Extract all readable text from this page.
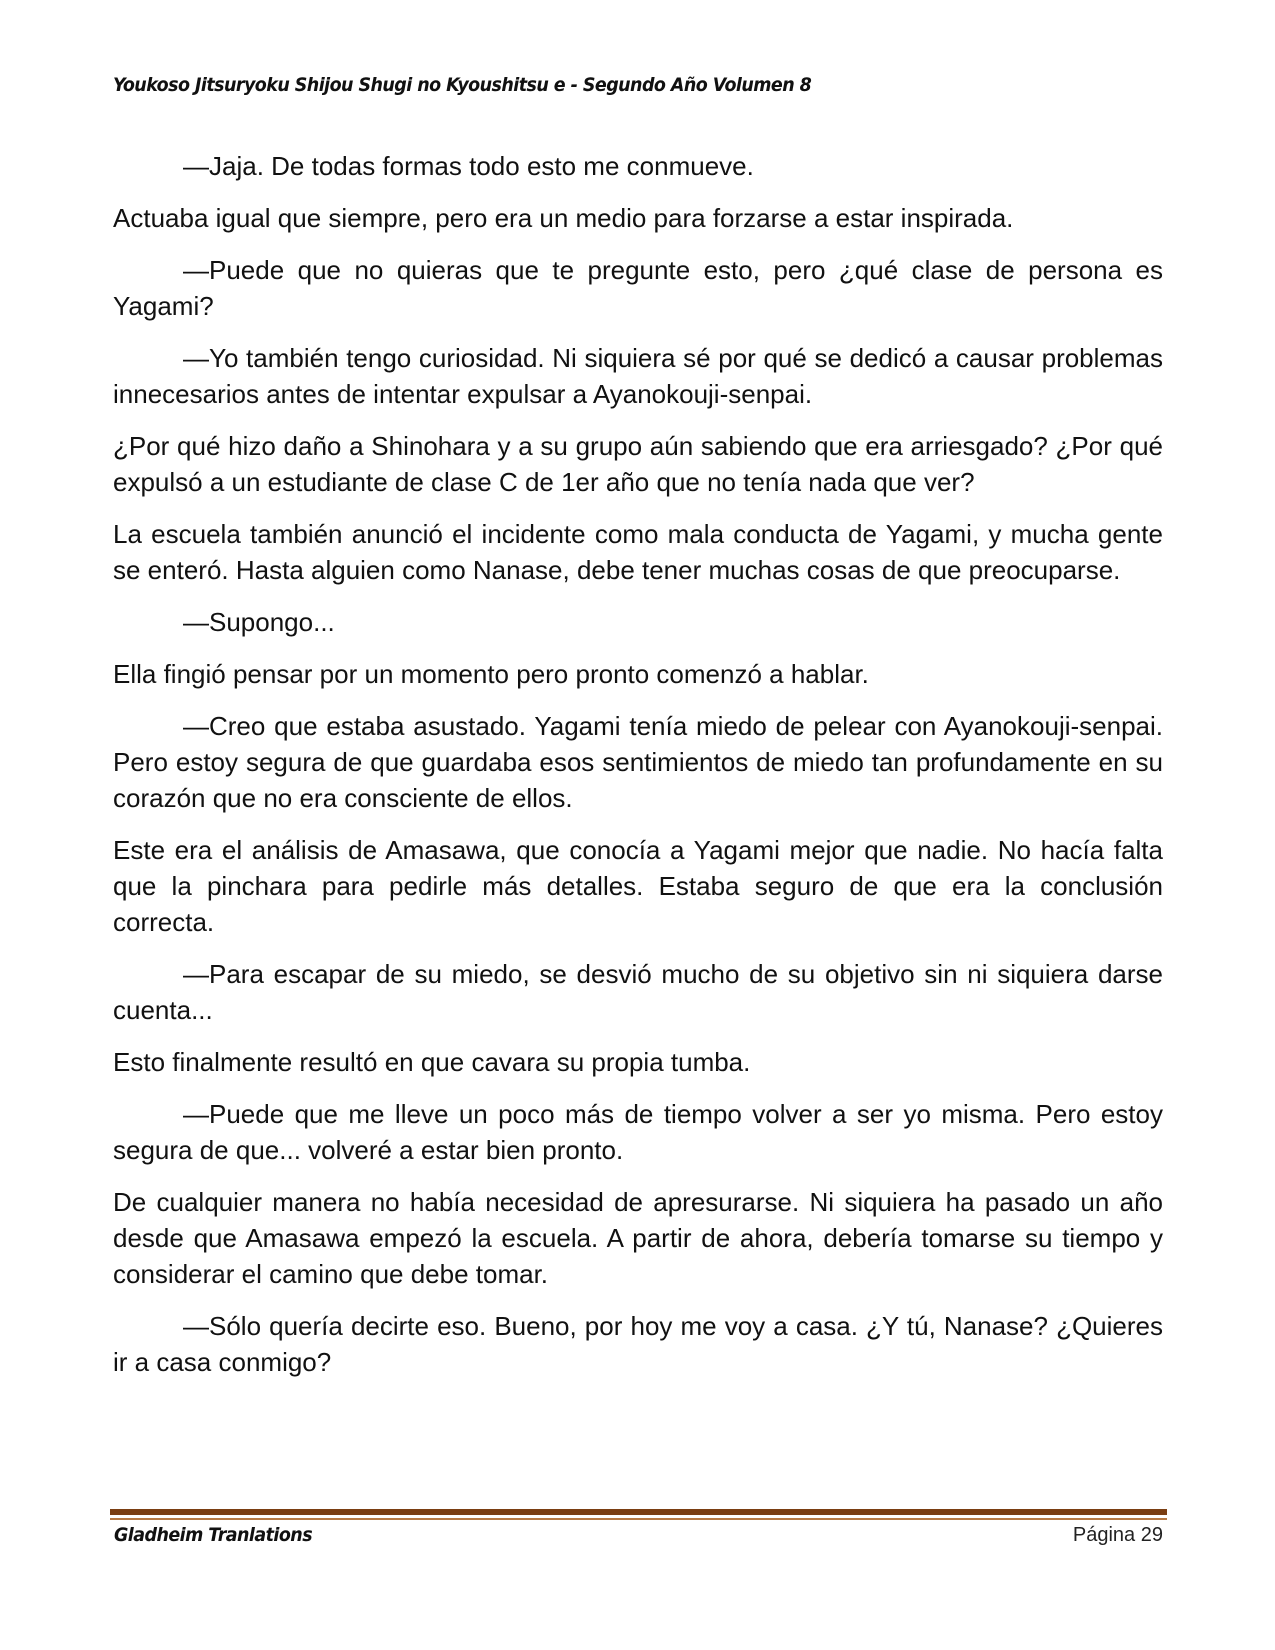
Youkoso Jitsuryoku Shijou Shugi no Kyoushitsu e - Segundo Año Volumen 8

—Jaja. De todas formas todo esto me conmueve.

Actuaba igual que siempre, pero era un medio para forzarse a estar inspirada.

—Puede que no quieras que te pregunte esto, pero ¿qué clase de persona es Yagami?

—Yo también tengo curiosidad. Ni siquiera sé por qué se dedicó a causar problemas innecesarios antes de intentar expulsar a Ayanokouji-senpai.

¿Por qué hizo daño a Shinohara y a su grupo aún sabiendo que era arriesgado? ¿Por qué expulsó a un estudiante de clase C de 1er año que no tenía nada que ver?

La escuela también anunció el incidente como mala conducta de Yagami, y mucha gente se enteró. Hasta alguien como Nanase, debe tener muchas cosas de que preocuparse.

—Supongo...

Ella fingió pensar por un momento pero pronto comenzó a hablar.

—Creo que estaba asustado. Yagami tenía miedo de pelear con Ayanokouji-senpai. Pero estoy segura de que guardaba esos sentimientos de miedo tan profundamente en su corazón que no era consciente de ellos.

Este era el análisis de Amasawa, que conocía a Yagami mejor que nadie. No hacía falta que la pinchara para pedirle más detalles. Estaba seguro de que era la conclusión correcta.

—Para escapar de su miedo, se desvió mucho de su objetivo sin ni siquiera darse cuenta...

Esto finalmente resultó en que cavara su propia tumba.

—Puede que me lleve un poco más de tiempo volver a ser yo misma. Pero estoy segura de que... volveré a estar bien pronto.

De cualquier manera no había necesidad de apresurarse. Ni siquiera ha pasado un año desde que Amasawa empezó la escuela. A partir de ahora, debería tomarse su tiempo y considerar el camino que debe tomar.

—Sólo quería decirte eso. Bueno, por hoy me voy a casa. ¿Y tú, Nanase? ¿Quieres ir a casa conmigo?

Gladheim Tranlations	Página 29
